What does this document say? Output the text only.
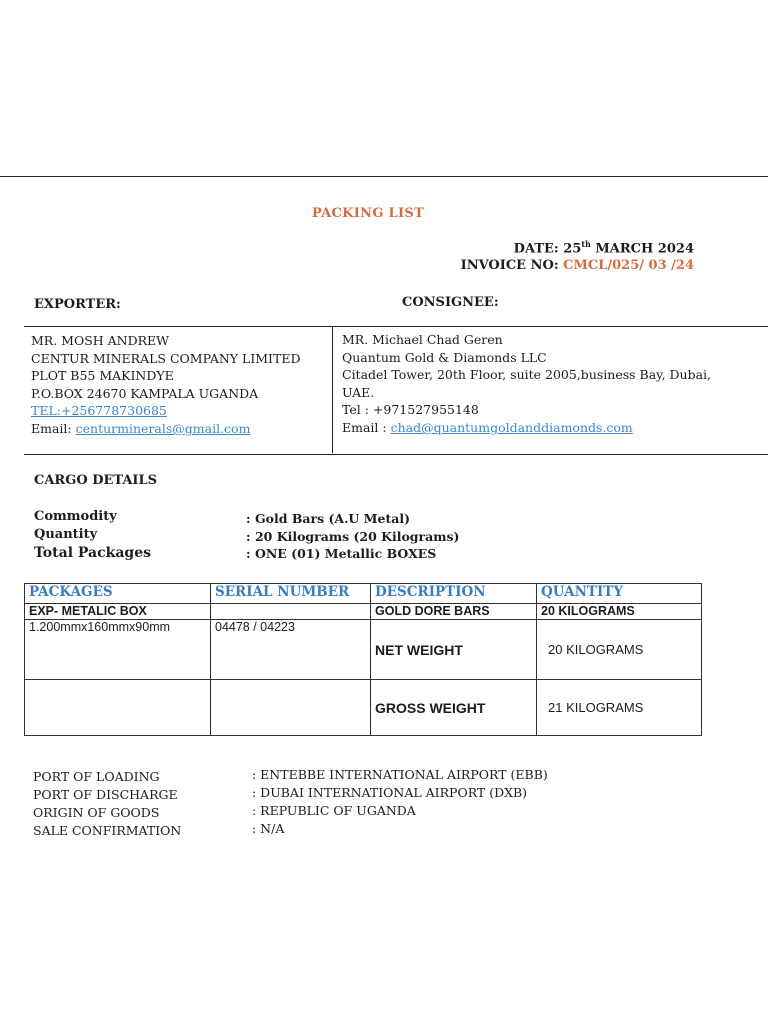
PACKING LIST
DATE: 25th MARCH 2024
INVOICE NO: CMCL/025/ 03 /24
EXPORTER:	CONSIGNEE:
MR. MOSH ANDREW
CENTUR MINERALS COMPANY LIMITED
PLOT B55 MAKINDYE
P.O.BOX 24670 KAMPALA UGANDA
TEL:+256778730685
Email: centurminerals@gmail.com
MR. Michael Chad Geren
Quantum Gold & Diamonds LLC
Citadel Tower, 20th Floor, suite 2005,business Bay, Dubai,
UAE.
Tel : +971527955148
Email : chad@quantumgoldanddiamonds.com
CARGO DETAILS
Commodity	: Gold Bars (A.U Metal)
Quantity	: 20 Kilograms (20 Kilograms)
Total Packages	: ONE (01) Metallic BOXES
PACKAGES	SERIAL NUMBER	DESCRIPTION	QUANTITY
EXP- METALIC BOX		GOLD DORE BARS	20 KILOGRAMS
1.200mmx160mmx90mm	04478 / 04223	NET WEIGHT	20 KILOGRAMS
		GROSS WEIGHT	21 KILOGRAMS
PORT OF LOADING	: ENTEBBE INTERNATIONAL AIRPORT (EBB)
PORT OF DISCHARGE	: DUBAI INTERNATIONAL AIRPORT (DXB)
ORIGIN OF GOODS	: REPUBLIC OF UGANDA
SALE CONFIRMATION	: N/A
